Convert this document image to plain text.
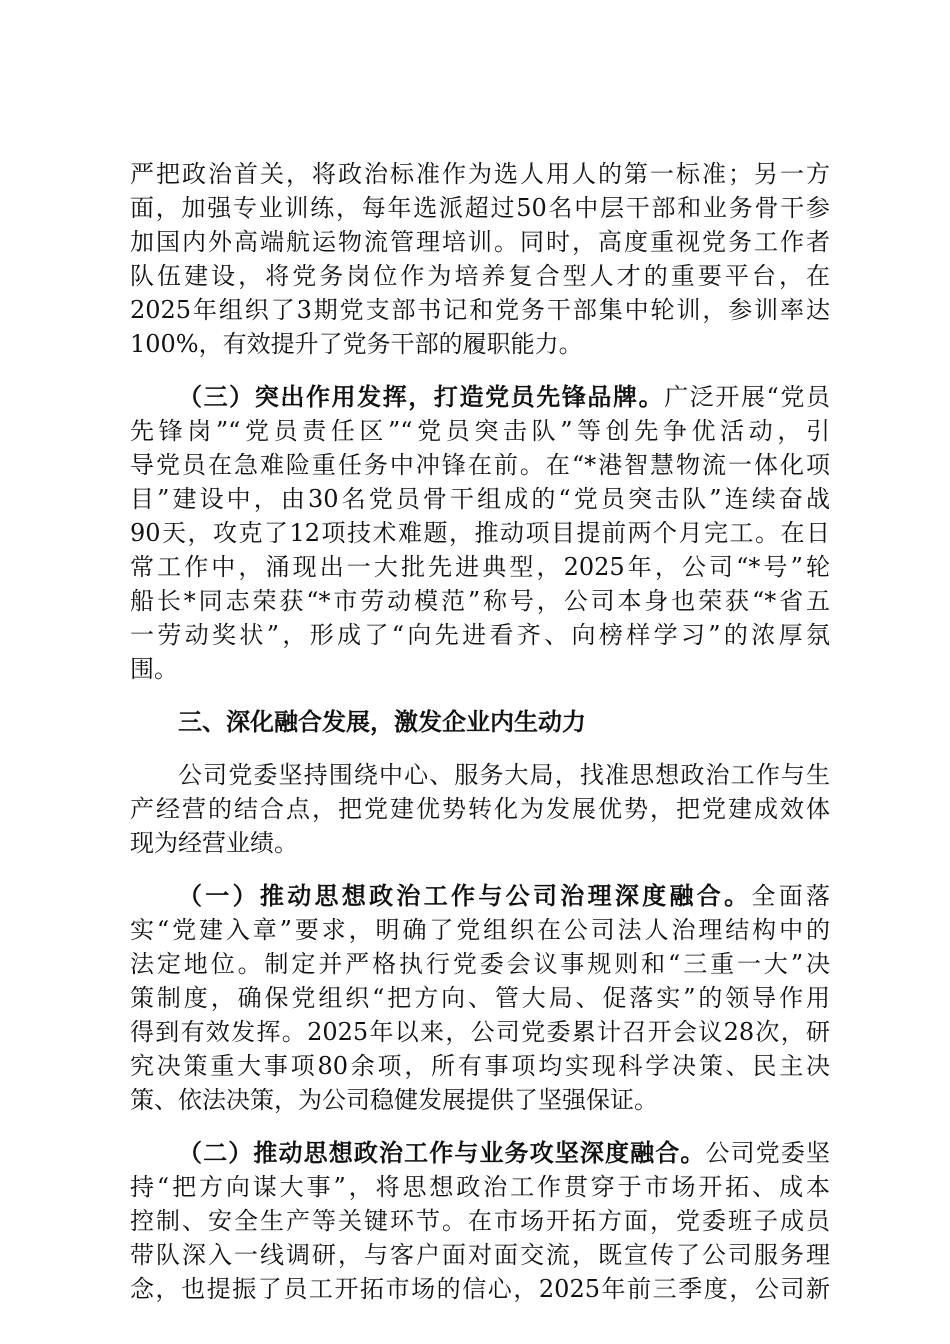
严把政治首关，将政治标准作为选人用人的第一标准；另一方
面，加强专业训练，每年选派超过50名中层干部和业务骨干参
加国内外高端航运物流管理培训。同时，高度重视党务工作者
队伍建设，将党务岗位作为培养复合型人才的重要平台，在
2025年组织了3期党支部书记和党务干部集中轮训，参训率达
100%，有效提升了党务干部的履职能力。
（三）突出作用发挥，打造党员先锋品牌。广泛开展“党员
先锋岗”“党员责任区”“党员突击队”等创先争优活动，引
导党员在急难险重任务中冲锋在前。在“*港智慧物流一体化项
目”建设中，由30名党员骨干组成的“党员突击队”连续奋战
90天，攻克了12项技术难题，推动项目提前两个月完工。在日
常工作中，涌现出一大批先进典型，2025年，公司“*号”轮
船长*同志荣获“*市劳动模范”称号，公司本身也荣获“*省五
一劳动奖状”，形成了“向先进看齐、向榜样学习”的浓厚氛
围。
三、深化融合发展，激发企业内生动力
公司党委坚持围绕中心、服务大局，找准思想政治工作与生
产经营的结合点，把党建优势转化为发展优势，把党建成效体
现为经营业绩。
（一）推动思想政治工作与公司治理深度融合。全面落
实“党建入章”要求，明确了党组织在公司法人治理结构中的
法定地位。制定并严格执行党委会议事规则和“三重一大”决
策制度，确保党组织“把方向、管大局、促落实”的领导作用
得到有效发挥。2025年以来，公司党委累计召开会议28次，研
究决策重大事项80余项，所有事项均实现科学决策、民主决
策、依法决策，为公司稳健发展提供了坚强保证。
（二）推动思想政治工作与业务攻坚深度融合。公司党委坚
持“把方向谋大事”，将思想政治工作贯穿于市场开拓、成本
控制、安全生产等关键环节。在市场开拓方面，党委班子成员
带队深入一线调研，与客户面对面交流，既宣传了公司服务理
念，也提振了员工开拓市场的信心，2025年前三季度，公司新
